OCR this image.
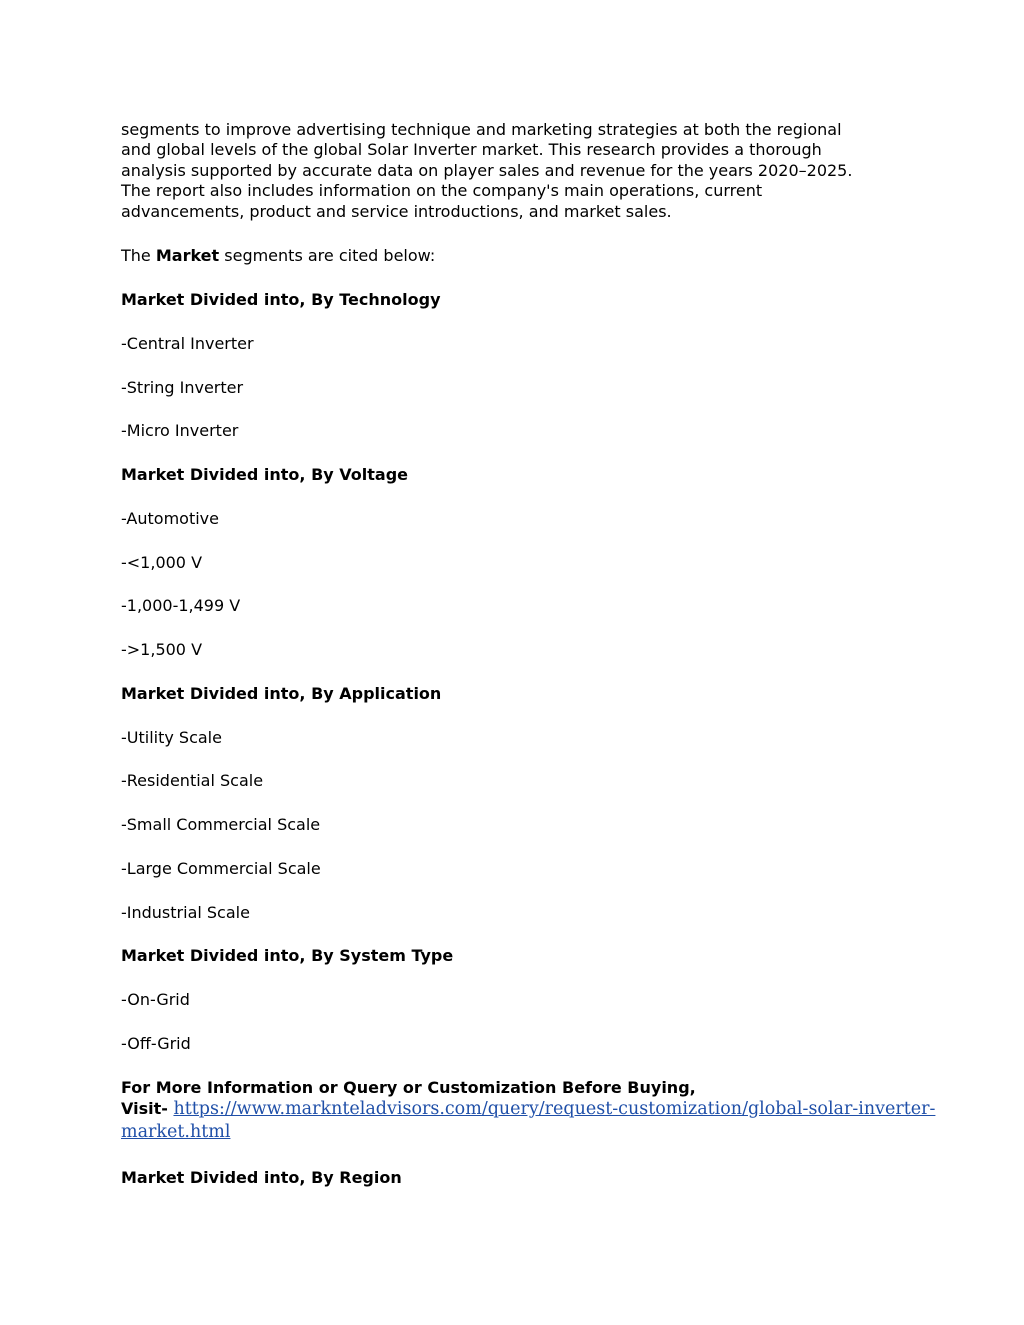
segments to improve advertising technique and marketing strategies at both the regional
and global levels of the global Solar Inverter market. This research provides a thorough
analysis supported by accurate data on player sales and revenue for the years 2020–2025.
The report also includes information on the company's main operations, current
advancements, product and service introductions, and market sales.

The Market segments are cited below:

Market Divided into, By Technology

-Central Inverter

-String Inverter

-Micro Inverter

Market Divided into, By Voltage

-Automotive

-<1,000 V

-1,000-1,499 V

->1,500 V

Market Divided into, By Application

-Utility Scale

-Residential Scale

-Small Commercial Scale

-Large Commercial Scale

-Industrial Scale

Market Divided into, By System Type

-On-Grid

-Off-Grid

For More Information or Query or Customization Before Buying,
Visit- https://www.marknteladvisors.com/query/request-customization/global-solar-inverter-
market.html

Market Divided into, By Region
